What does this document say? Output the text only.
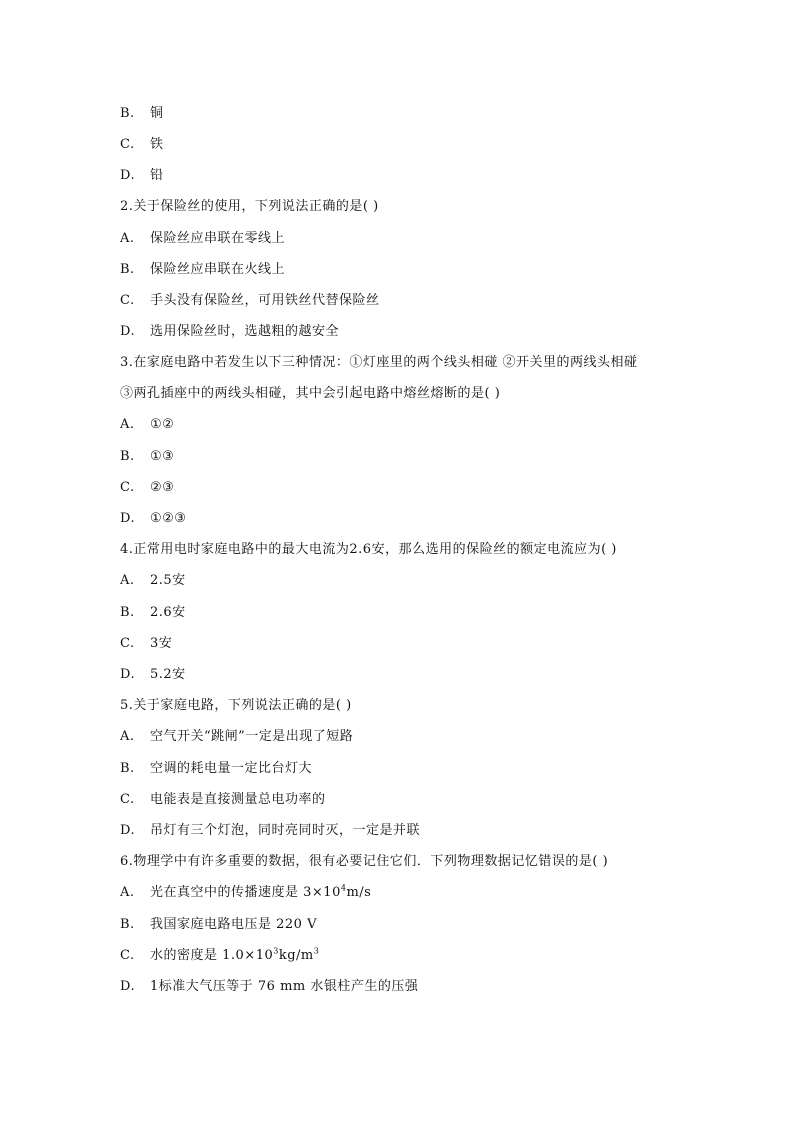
B. 铜
C. 铁
D. 铅
2.关于保险丝的使用，下列说法正确的是( )
A. 保险丝应串联在零线上
B. 保险丝应串联在火线上
C. 手头没有保险丝，可用铁丝代替保险丝
D.选用保险丝时，选越粗的越安全
3.在家庭电路中若发生以下三种情况：①灯座里的两个线头相碰 ②开关里的两线头相碰
③两孔插座中的两线头相碰，其中会引起电路中熔丝熔断的是( )
A. ①②
B. ①③
C. ②③
D.①②③
4.正常用电时家庭电路中的最大电流为2.6安，那么选用的保险丝的额定电流应为( )
A. 2.5安
B. 2.6安
C. 3安
D.5.2安
5.关于家庭电路，下列说法正确的是( )
A. 空气开关“跳闸”一定是出现了短路
B. 空调的耗电量一定比台灯大
C. 电能表是直接测量总电功率的
D. 吊灯有三个灯泡，同时亮同时灭，一定是并联
6.物理学中有许多重要的数据，很有必要记住它们．下列物理数据记忆错误的是( )
A. 光在真空中的传播速度是 $3\times 10^4m/s$
B. 我国家庭电路电压是 220 V
C. 水的密度是 $1.0\times 10^3kg/m^3$
D. 1标准大气压等于 76 mm 水银柱产生的压强
